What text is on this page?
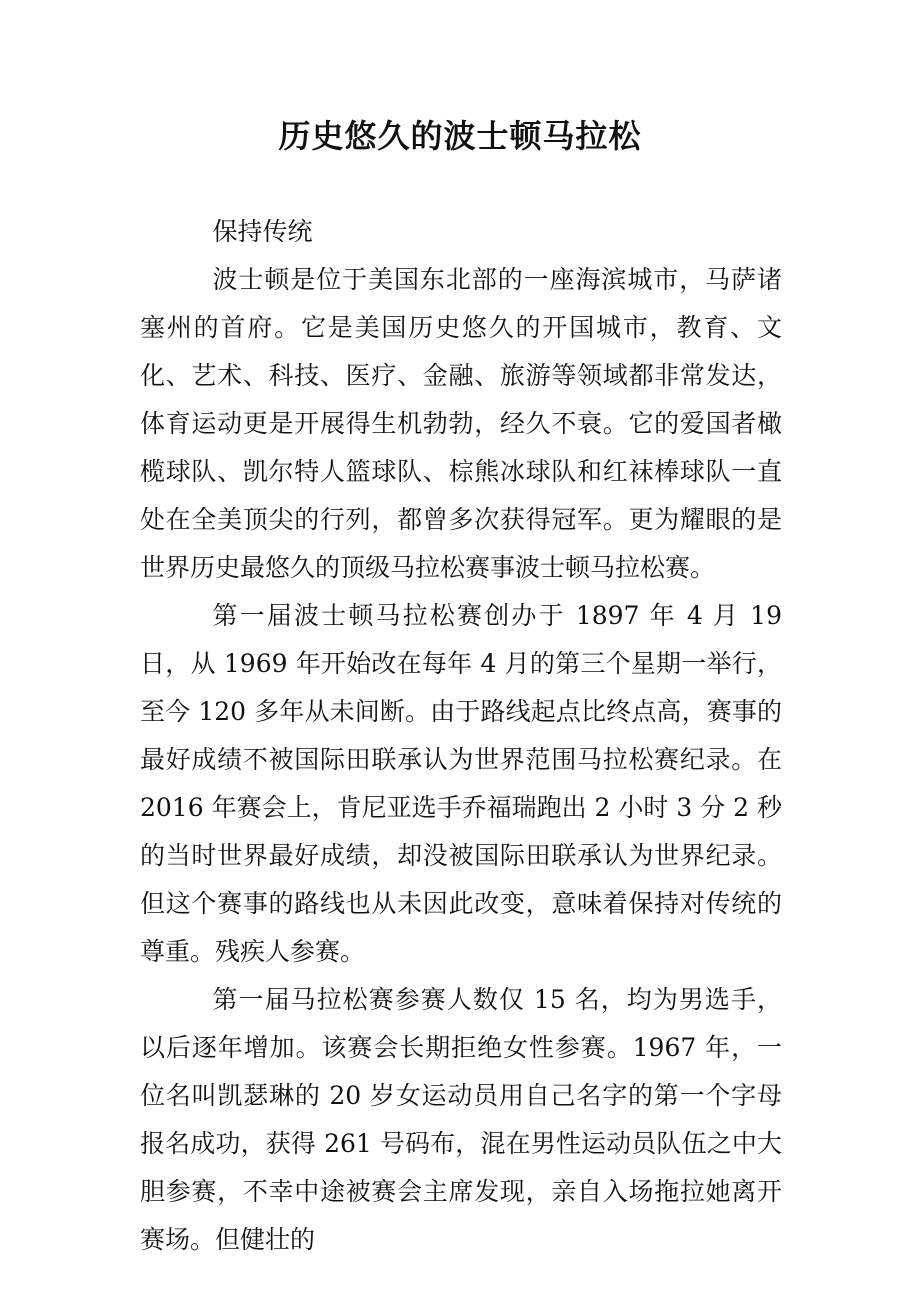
历史悠久的波士顿马拉松

保持传统

波士顿是位于美国东北部的一座海滨城市，马萨诸塞州的首府。它是美国历史悠久的开国城市，教育、文化、艺术、科技、医疗、金融、旅游等领域都非常发达，体育运动更是开展得生机勃勃，经久不衰。它的爱国者橄榄球队、凯尔特人篮球队、棕熊冰球队和红袜棒球队一直处在全美顶尖的行列，都曾多次获得冠军。更为耀眼的是世界历史最悠久的顶级马拉松赛事波士顿马拉松赛。

第一届波士顿马拉松赛创办于 1897 年 4 月 19 日，从 1969 年开始改在每年 4 月的第三个星期一举行，至今 120 多年从未间断。由于路线起点比终点高，赛事的最好成绩不被国际田联承认为世界范围马拉松赛纪录。在 2016 年赛会上，肯尼亚选手乔福瑞跑出 2 小时 3 分 2 秒的当时世界最好成绩，却没被国际田联承认为世界纪录。但这个赛事的路线也从未因此改变，意味着保持对传统的尊重。残疾人参赛。

第一届马拉松赛参赛人数仅 15 名，均为男选手，以后逐年增加。该赛会长期拒绝女性参赛。1967 年，一位名叫凯瑟琳的 20 岁女运动员用自己名字的第一个字母报名成功，获得 261 号码布，混在男性运动员队伍之中大胆参赛，不幸中途被赛会主席发现，亲自入场拖拉她离开赛场。但健壮的
